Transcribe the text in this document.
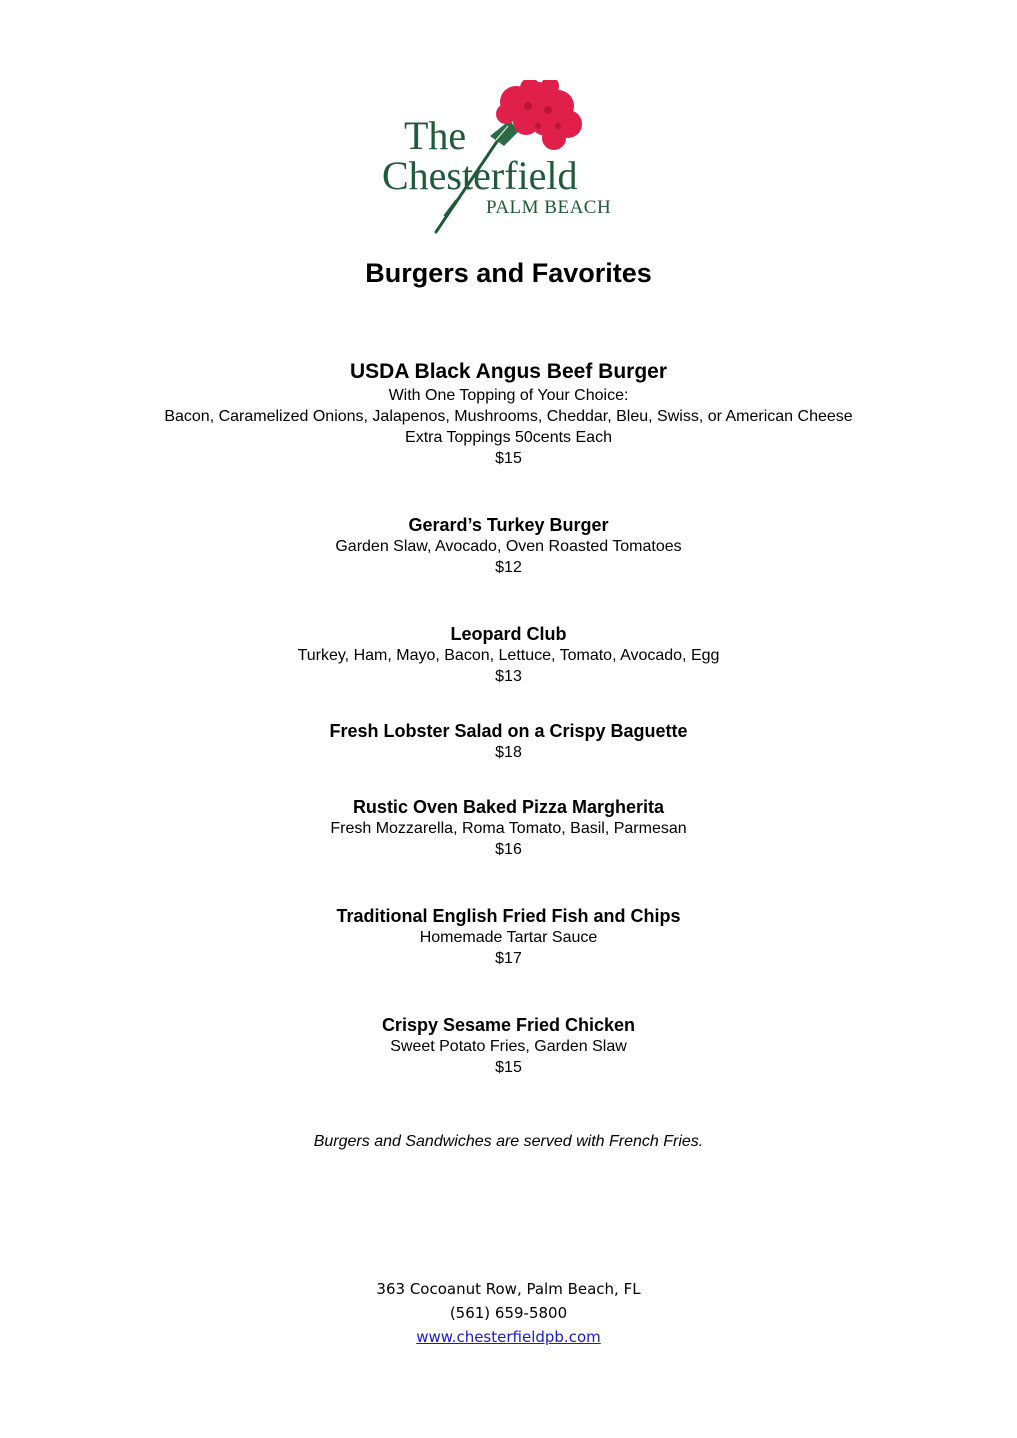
The
Chesterfield
PALM BEACH
Burgers and Favorites
USDA Black Angus Beef Burger
With One Topping of Your Choice:
Bacon, Caramelized Onions, Jalapenos, Mushrooms, Cheddar, Bleu, Swiss, or American Cheese
Extra Toppings 50cents Each
$15
Gerard’s Turkey Burger
Garden Slaw, Avocado, Oven Roasted Tomatoes
$12
Leopard Club
Turkey, Ham, Mayo, Bacon, Lettuce, Tomato, Avocado, Egg
$13
Fresh Lobster Salad on a Crispy Baguette
$18
Rustic Oven Baked Pizza Margherita
Fresh Mozzarella, Roma Tomato, Basil, Parmesan
$16
Traditional English Fried Fish and Chips
Homemade Tartar Sauce
$17
Crispy Sesame Fried Chicken
Sweet Potato Fries, Garden Slaw
$15
Burgers and Sandwiches are served with French Fries.
363 Cocoanut Row, Palm Beach, FL
(561) 659-5800
www.chesterfieldpb.com
